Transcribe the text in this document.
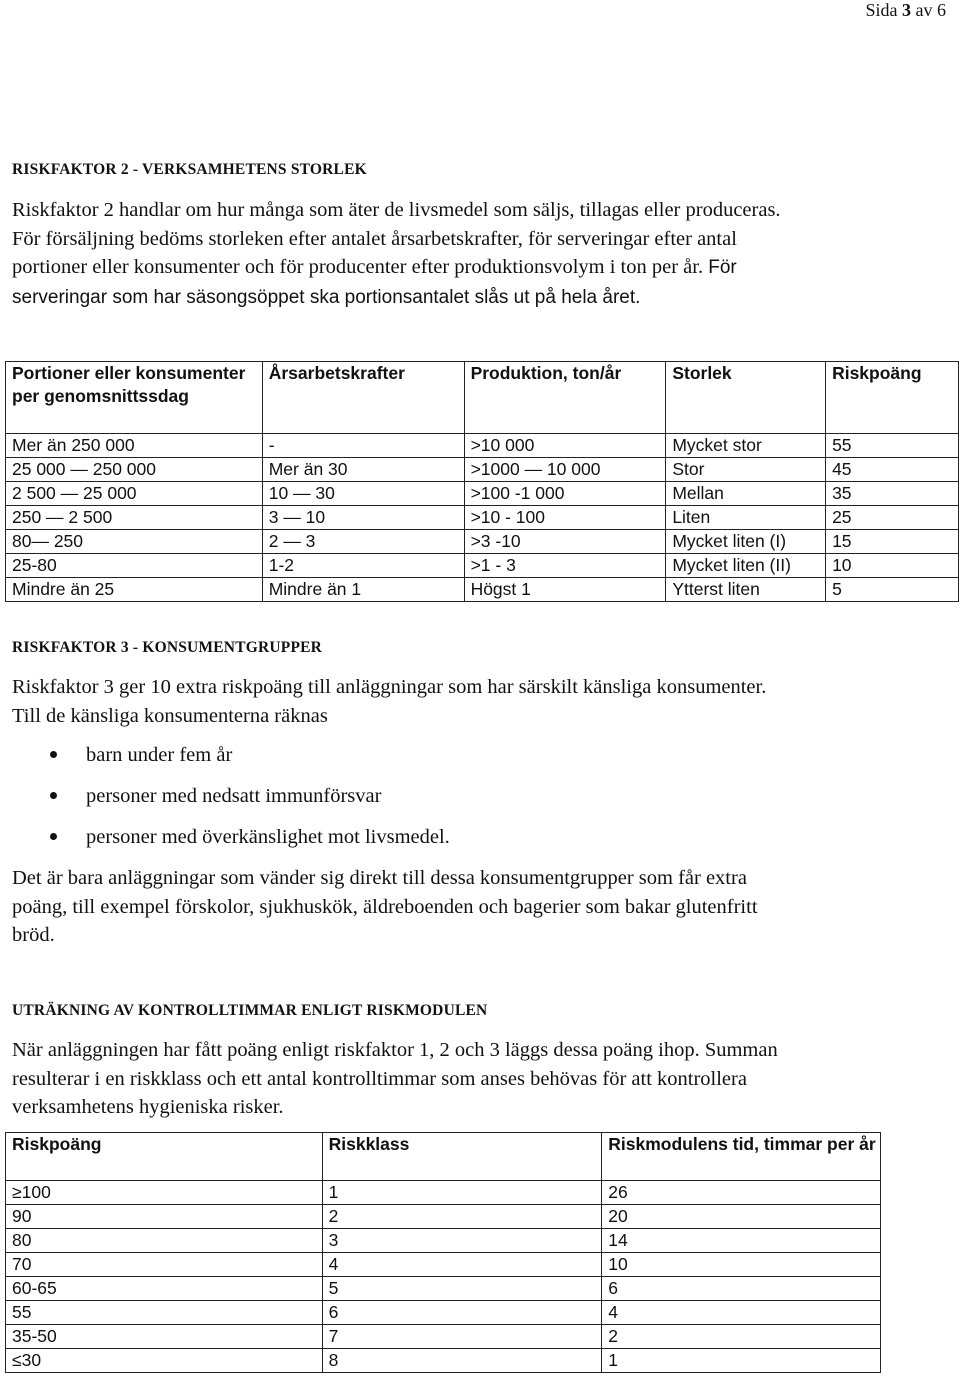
Sida 3 av 6
RISKFAKTOR 2 - VERKSAMHETENS STORLEK

Riskfaktor 2 handlar om hur många som äter de livsmedel som säljs, tillagas eller produceras.
För försäljning bedöms storleken efter antalet årsarbetskrafter, för serveringar efter antal
portioner eller konsumenter och för producenter efter produktionsvolym i ton per år. För
serveringar som har säsongsöppet ska portionsantalet slås ut på hela året.

Portioner eller konsumenter per genomsnittssdag	Årsarbetskrafter	Produktion, ton/år	Storlek	Riskpoäng
Mer än 250 000	-	>10 000	Mycket stor	55
25 000 — 250 000	Mer än 30	>1000 — 10 000	Stor	45
2 500 — 25 000	10 — 30	>100 -1 000	Mellan	35
250 — 2 500	3 — 10	>10 - 100	Liten	25
80— 250	2 — 3	>3 -10	Mycket liten (I)	15
25-80	1-2	>1 - 3	Mycket liten (II)	10
Mindre än 25	Mindre än 1	Högst 1	Ytterst liten	5
RISKFAKTOR 3 - KONSUMENTGRUPPER

Riskfaktor 3 ger 10 extra riskpoäng till anläggningar som har särskilt känsliga konsumenter.
Till de känsliga konsumenterna räknas

barn under fem år
personer med nedsatt immunförsvar
personer med överkänslighet mot livsmedel.

Det är bara anläggningar som vänder sig direkt till dessa konsumentgrupper som får extra
poäng, till exempel förskolor, sjukhuskök, äldreboenden och bagerier som bakar glutenfritt
bröd.

UTRÄKNING AV KONTROLLTIMMAR ENLIGT RISKMODULEN

När anläggningen har fått poäng enligt riskfaktor 1, 2 och 3 läggs dessa poäng ihop. Summan
resulterar i en riskklass och ett antal kontrolltimmar som anses behövas för att kontrollera
verksamhetens hygieniska risker.

Riskpoäng	Riskklass	Riskmodulens tid, timmar per år
≥100	1	26
90	2	20
80	3	14
70	4	10
60-65	5	6
55	6	4
35-50	7	2
≤30	8	1
